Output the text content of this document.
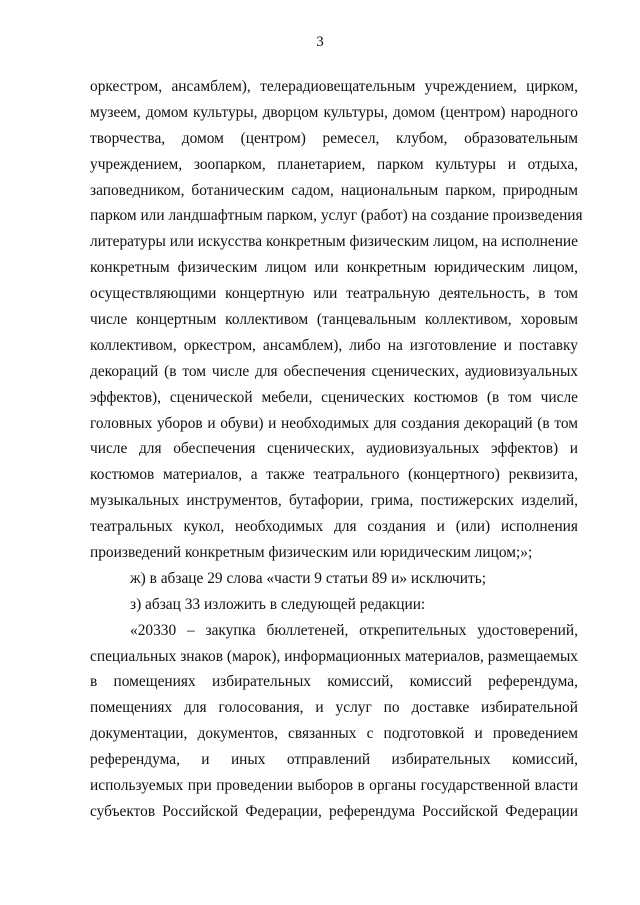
3
оркестром, ансамблем), телерадиовещательным учреждением, цирком,
музеем, домом культуры, дворцом культуры, домом (центром) народного
творчества, домом (центром) ремесел, клубом, образовательным
учреждением, зоопарком, планетарием, парком культуры и отдыха,
заповедником, ботаническим садом, национальным парком, природным
парком или ландшафтным парком, услуг (работ) на создание произведения
литературы или искусства конкретным физическим лицом, на исполнение
конкретным физическим лицом или конкретным юридическим лицом,
осуществляющими концертную или театральную деятельность, в том
числе концертным коллективом (танцевальным коллективом, хоровым
коллективом, оркестром, ансамблем), либо на изготовление и поставку
декораций (в том числе для обеспечения сценических, аудиовизуальных
эффектов), сценической мебели, сценических костюмов (в том числе
головных уборов и обуви) и необходимых для создания декораций (в том
числе для обеспечения сценических, аудиовизуальных эффектов) и
костюмов материалов, а также театрального (концертного) реквизита,
музыкальных инструментов, бутафории, грима, постижерских изделий,
театральных кукол, необходимых для создания и (или) исполнения
произведений конкретным физическим или юридическим лицом;»;
ж) в абзаце 29 слова «части 9 статьи 89 и» исключить;
з) абзац 33 изложить в следующей редакции:
«20330 – закупка бюллетеней, открепительных удостоверений,
специальных знаков (марок), информационных материалов, размещаемых
в помещениях избирательных комиссий, комиссий референдума,
помещениях для голосования, и услуг по доставке избирательной
документации, документов, связанных с подготовкой и проведением
референдума, и иных отправлений избирательных комиссий,
используемых при проведении выборов в органы государственной власти
субъектов Российской Федерации, референдума Российской Федерации
